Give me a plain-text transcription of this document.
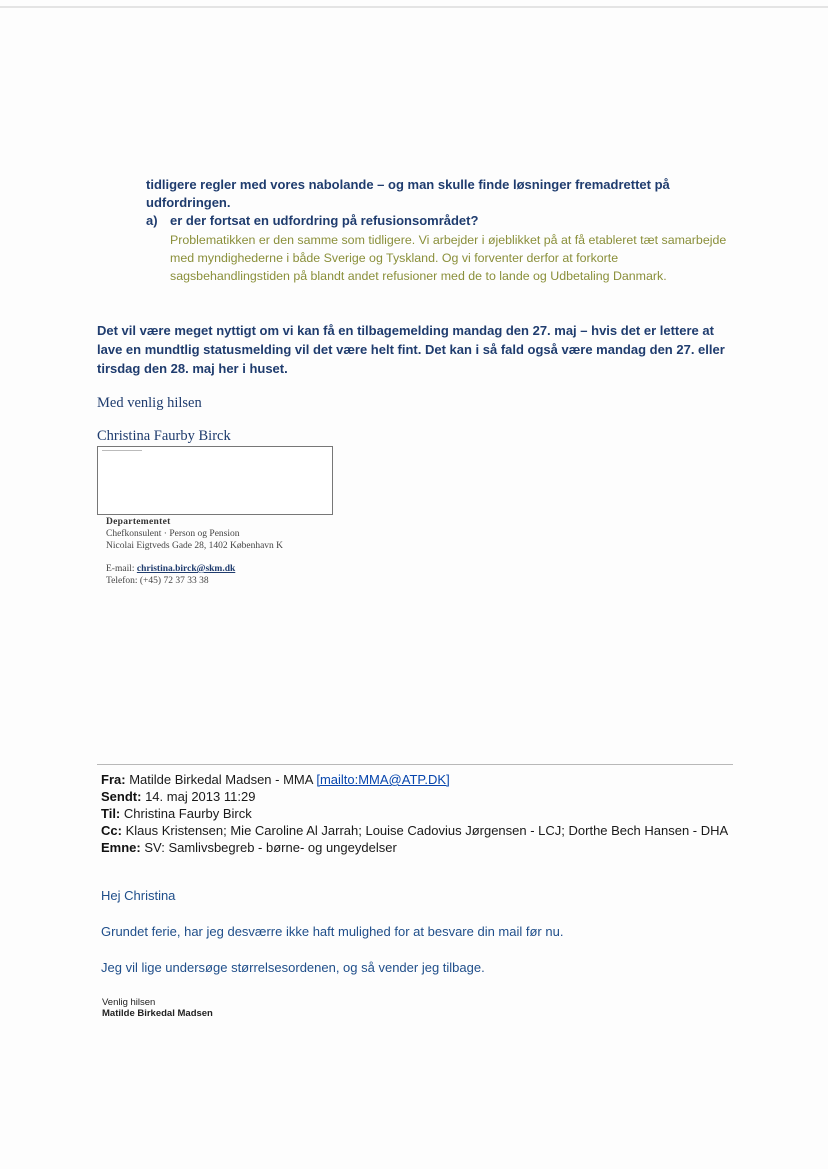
tidligere regler med vores nabolande – og man skulle finde løsninger fremadrettet på udfordringen.
a) er der fortsat en udfordring på refusionsområdet?
Problematikken er den samme som tidligere. Vi arbejder i øjeblikket på at få etableret tæt samarbejde med myndighederne i både Sverige og Tyskland. Og vi forventer derfor at forkorte sagsbehandlingstiden på blandt andet refusioner med de to lande og Udbetaling Danmark.
Det vil være meget nyttigt om vi kan få en tilbagemelding mandag den 27. maj – hvis det er lettere at lave en mundtlig statusmelding vil det være helt fint. Det kan i så fald også være mandag den 27. eller tirsdag den 28. maj her i huset.
Med venlig hilsen
Christina Faurby Birck
Departementet
Chefkonsulent · Person og Pension
Nicolai Eigtveds Gade 28, 1402 København K
E-mail: christina.birck@skm.dk
Telefon: (+45) 72 37 33 38
Fra: Matilde Birkedal Madsen - MMA [mailto:MMA@ATP.DK]
Sendt: 14. maj 2013 11:29
Til: Christina Faurby Birck
Cc: Klaus Kristensen; Mie Caroline Al Jarrah; Louise Cadovius Jørgensen - LCJ; Dorthe Bech Hansen - DHA
Emne: SV: Samlivsbegreb - børne- og ungeydelser
Hej Christina
Grundet ferie, har jeg desværre ikke haft mulighed for at besvare din mail før nu.
Jeg vil lige undersøge størrelsesordenen, og så vender jeg tilbage.
Venlig hilsen
Matilde Birkedal Madsen
